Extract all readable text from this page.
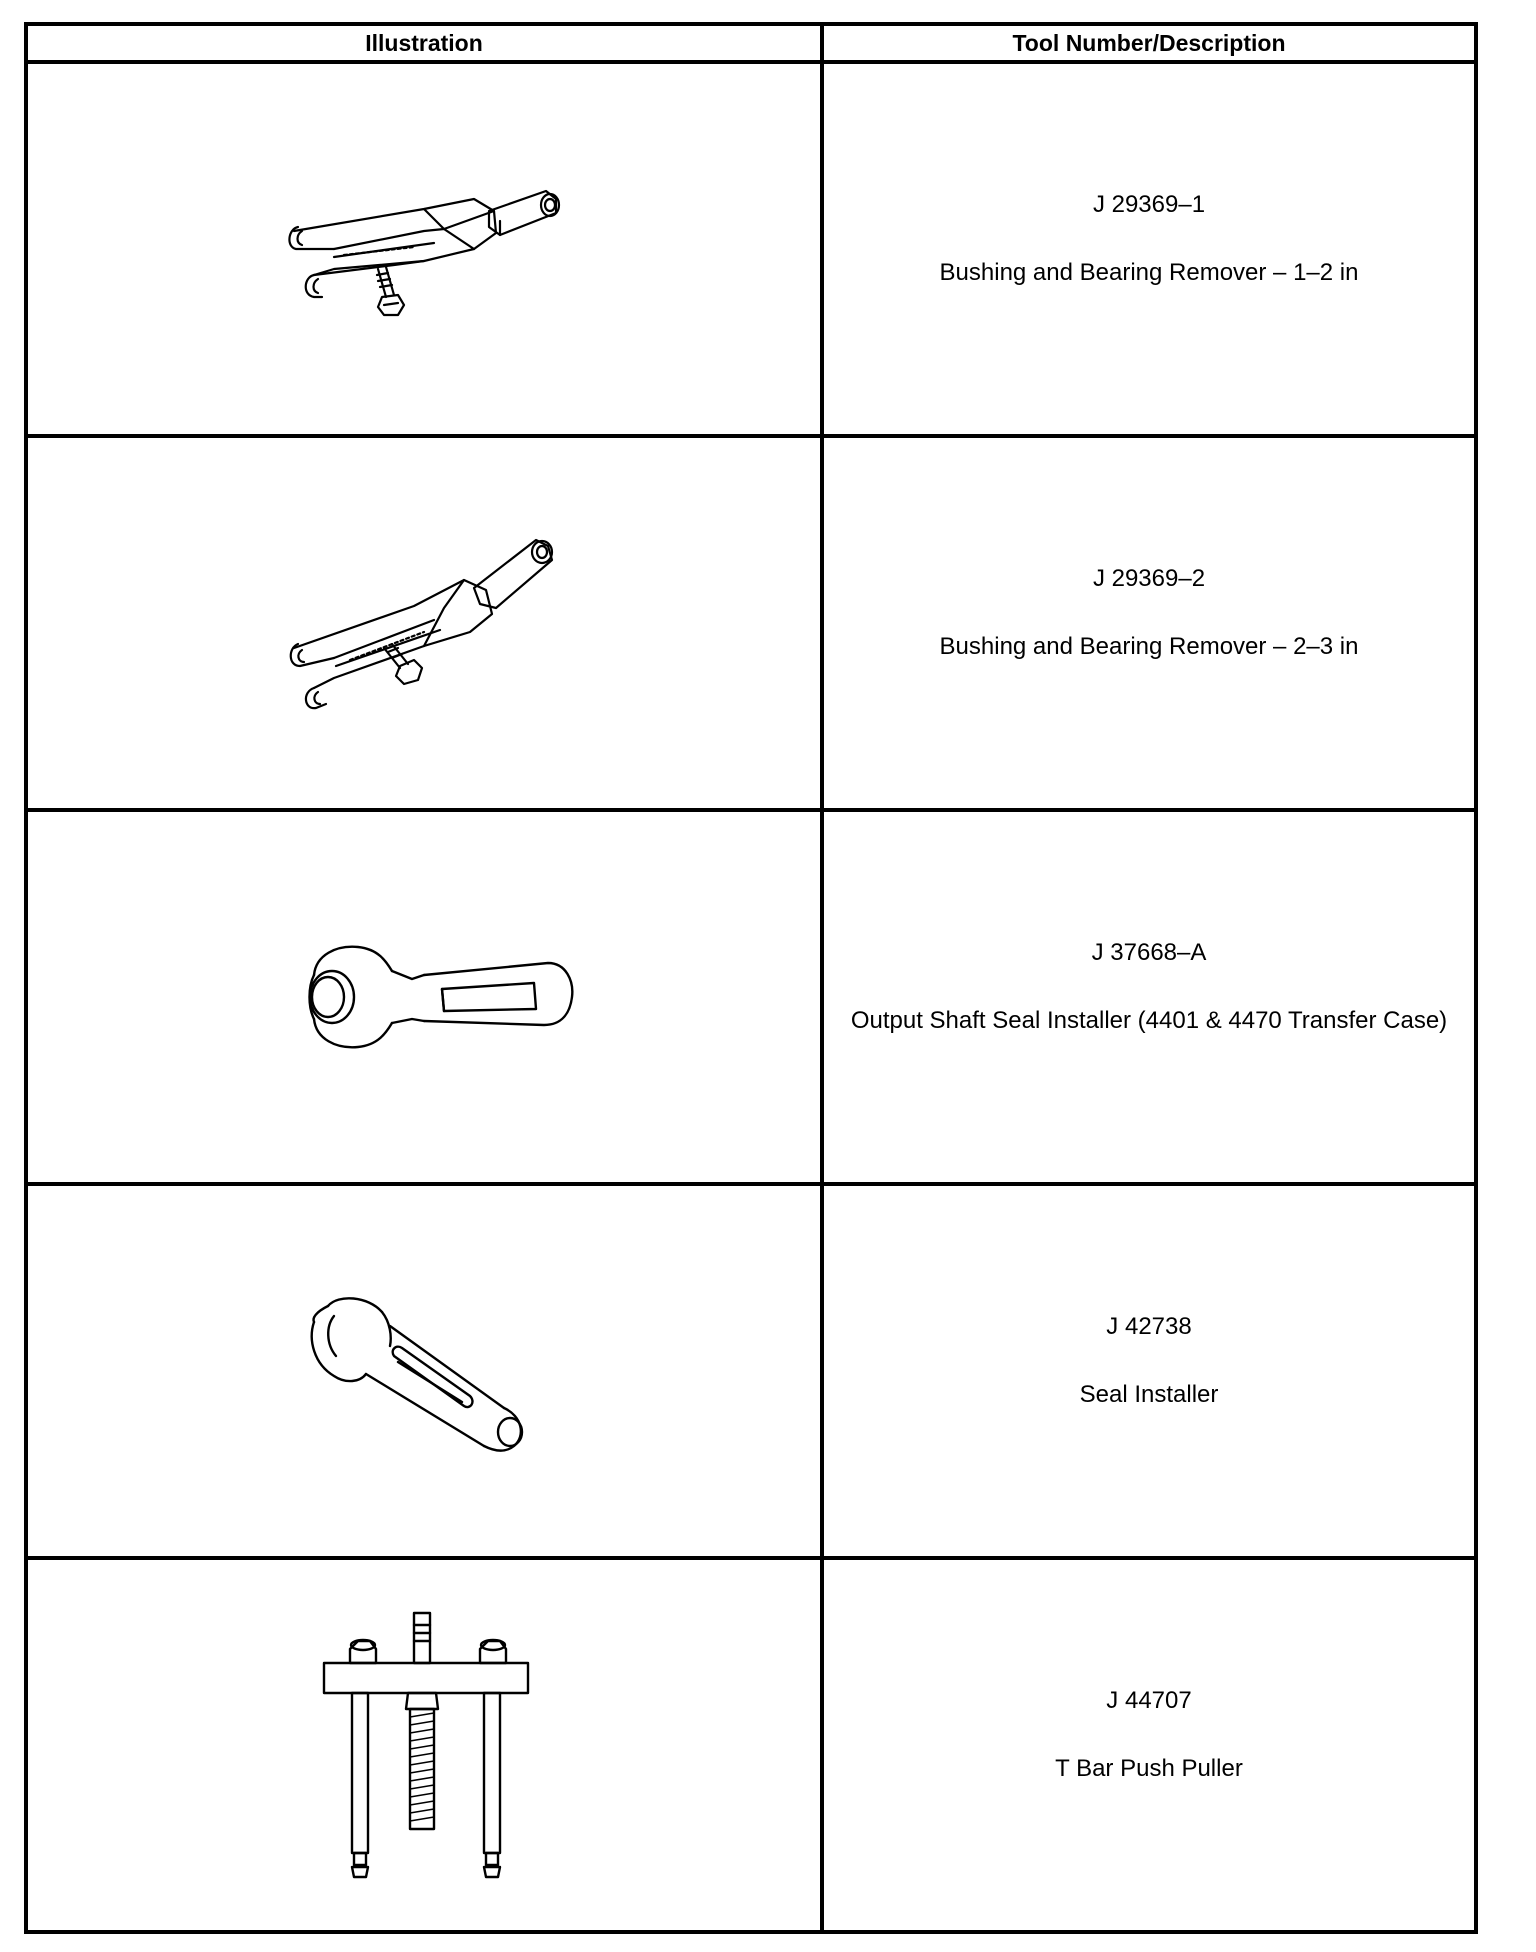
Illustration	Tool Number/Description

J 29369–1
Bushing and Bearing Remover – 1–2 in

J 29369–2
Bushing and Bearing Remover – 2–3 in

J 37668–A
Output Shaft Seal Installer (4401 & 4470 Transfer Case)

J 42738
Seal Installer

J 44707
T Bar Push Puller
